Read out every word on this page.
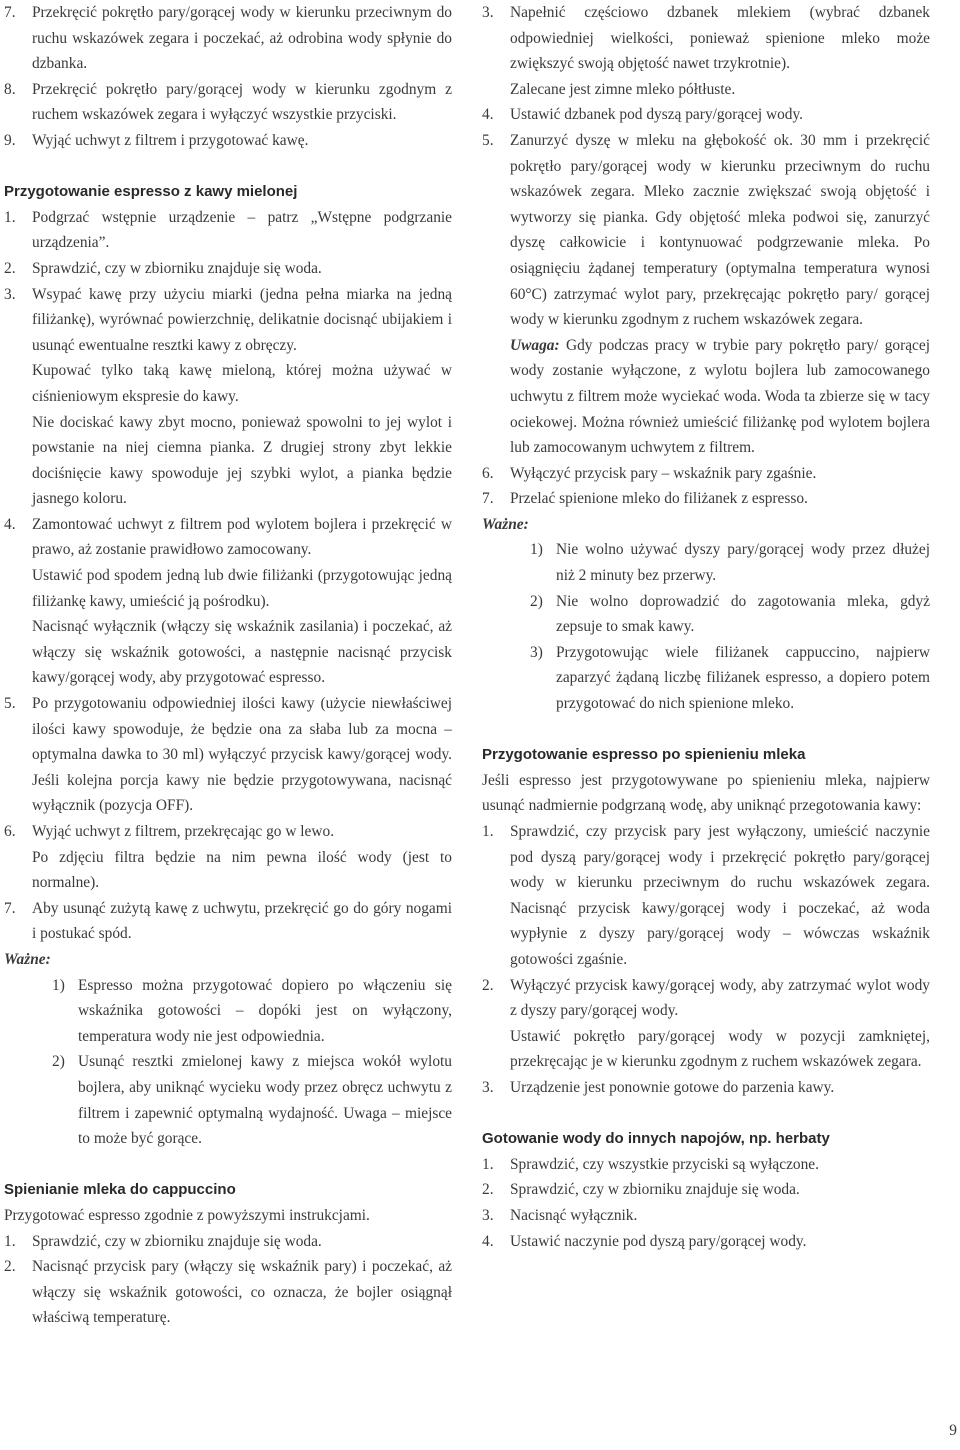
7. Przekręcić pokrętło pary/gorącej wody w kierunku przeciwnym do ruchu wskazówek zegara i poczekać, aż odrobina wody spłynie do dzbanka.
8. Przekręcić pokrętło pary/gorącej wody w kierunku zgodnym z ruchem wskazówek zegara i wyłączyć wszystkie przyciski.
9. Wyjąć uchwyt z filtrem i przygotować kawę.
Przygotowanie espresso z kawy mielonej
1. Podgrzać wstępnie urządzenie – patrz „Wstępne podgrzanie urządzenia”.
2. Sprawdzić, czy w zbiorniku znajduje się woda.
3. Wsypać kawę przy użyciu miarki (jedna pełna miarka na jedną filiżankę), wyrównać powierzchnię, delikatnie docisnąć ubijakiem i usunąć ewentualne resztki kawy z obręczy.
Kupować tylko taką kawę mieloną, której można używać w ciśnieniowym ekspresie do kawy.
Nie dociskać kawy zbyt mocno, ponieważ spowolni to jej wylot i powstanie na niej ciemna pianka. Z drugiej strony zbyt lekkie dociśnięcie kawy spowoduje jej szybki wylot, a pianka będzie jasnego koloru.
4. Zamontować uchwyt z filtrem pod wylotem bojlera i przekręcić w prawo, aż zostanie prawidłowo zamocowany.
Ustawić pod spodem jedną lub dwie filiżanki (przygotowując jedną filiżankę kawy, umieścić ją pośrodku).
Nacisnąć wyłącznik (włączy się wskaźnik zasilania) i poczekać, aż włączy się wskaźnik gotowości, a następnie nacisnąć przycisk kawy/gorącej wody, aby przygotować espresso.
5. Po przygotowaniu odpowiedniej ilości kawy (użycie niewłaściwej ilości kawy spowoduje, że będzie ona za słaba lub za mocna – optymalna dawka to 30 ml) wyłączyć przycisk kawy/gorącej wody. Jeśli kolejna porcja kawy nie będzie przygotowywana, nacisnąć wyłącznik (pozycja OFF).
6. Wyjąć uchwyt z filtrem, przekręcając go w lewo.
Po zdjęciu filtra będzie na nim pewna ilość wody (jest to normalne).
7. Aby usunąć zużytą kawę z uchwytu, przekręcić go do góry nogami i postukać spód.
Ważne:
1) Espresso można przygotować dopiero po włączeniu się wskaźnika gotowości – dopóki jest on wyłączony, temperatura wody nie jest odpowiednia.
2) Usunąć resztki zmielonej kawy z miejsca wokół wylotu bojlera, aby uniknąć wycieku wody przez obręcz uchwytu z filtrem i zapewnić optymalną wydajność. Uwaga – miejsce to może być gorące.
Spienianie mleka do cappuccino
Przygotować espresso zgodnie z powyższymi instrukcjami.
1. Sprawdzić, czy w zbiorniku znajduje się woda.
2. Nacisnąć przycisk pary (włączy się wskaźnik pary) i poczekać, aż włączy się wskaźnik gotowości, co oznacza, że bojler osiągnął właściwą temperaturę.
3. Napełnić częściowo dzbanek mlekiem (wybrać dzbanek odpowiedniej wielkości, ponieważ spienione mleko może zwiększyć swoją objętość nawet trzykrotnie).
Zalecane jest zimne mleko półtłuste.
4. Ustawić dzbanek pod dyszą pary/gorącej wody.
5. Zanurzyć dyszę w mleku na głębokość ok. 30 mm i przekręcić pokrętło pary/gorącej wody w kierunku przeciwnym do ruchu wskazówek zegara. Mleko zacznie zwiększać swoją objętość i wytworzy się pianka. Gdy objętość mleka podwoi się, zanurzyć dyszę całkowicie i kontynuować podgrzewanie mleka. Po osiągnięciu żądanej temperatury (optymalna temperatura wynosi 60°C) zatrzymać wylot pary, przekręcając pokrętło pary/ gorącej wody w kierunku zgodnym z ruchem wskazówek zegara.
Uwaga: Gdy podczas pracy w trybie pary pokrętło pary/ gorącej wody zostanie wyłączone, z wylotu bojlera lub zamocowanego uchwytu z filtrem może wyciekać woda. Woda ta zbierze się w tacy ociekowej. Można również umieścić filiżankę pod wylotem bojlera lub zamocowanym uchwytem z filtrem.
6. Wyłączyć przycisk pary – wskaźnik pary zgaśnie.
7. Przelać spienione mleko do filiżanek z espresso.
Ważne:
1) Nie wolno używać dyszy pary/gorącej wody przez dłużej niż 2 minuty bez przerwy.
2) Nie wolno doprowadzić do zagotowania mleka, gdyż zepsuje to smak kawy.
3) Przygotowując wiele filiżanek cappuccino, najpierw zaparzyć żądaną liczbę filiżanek espresso, a dopiero potem przygotować do nich spienione mleko.
Przygotowanie espresso po spienieniu mleka
Jeśli espresso jest przygotowywane po spienieniu mleka, najpierw usunąć nadmiernie podgrzaną wodę, aby uniknąć przegotowania kawy:
1. Sprawdzić, czy przycisk pary jest wyłączony, umieścić naczynie pod dyszą pary/gorącej wody i przekręcić pokrętło pary/gorącej wody w kierunku przeciwnym do ruchu wskazówek zegara. Nacisnąć przycisk kawy/gorącej wody i poczekać, aż woda wypłynie z dyszy pary/gorącej wody – wówczas wskaźnik gotowości zgaśnie.
2. Wyłączyć przycisk kawy/gorącej wody, aby zatrzymać wylot wody z dyszy pary/gorącej wody.
Ustawić pokrętło pary/gorącej wody w pozycji zamkniętej, przekręcając je w kierunku zgodnym z ruchem wskazówek zegara.
3. Urządzenie jest ponownie gotowe do parzenia kawy.
Gotowanie wody do innych napojów, np. herbaty
1. Sprawdzić, czy wszystkie przyciski są wyłączone.
2. Sprawdzić, czy w zbiorniku znajduje się woda.
3. Nacisnąć wyłącznik.
4. Ustawić naczynie pod dyszą pary/gorącej wody.
9
